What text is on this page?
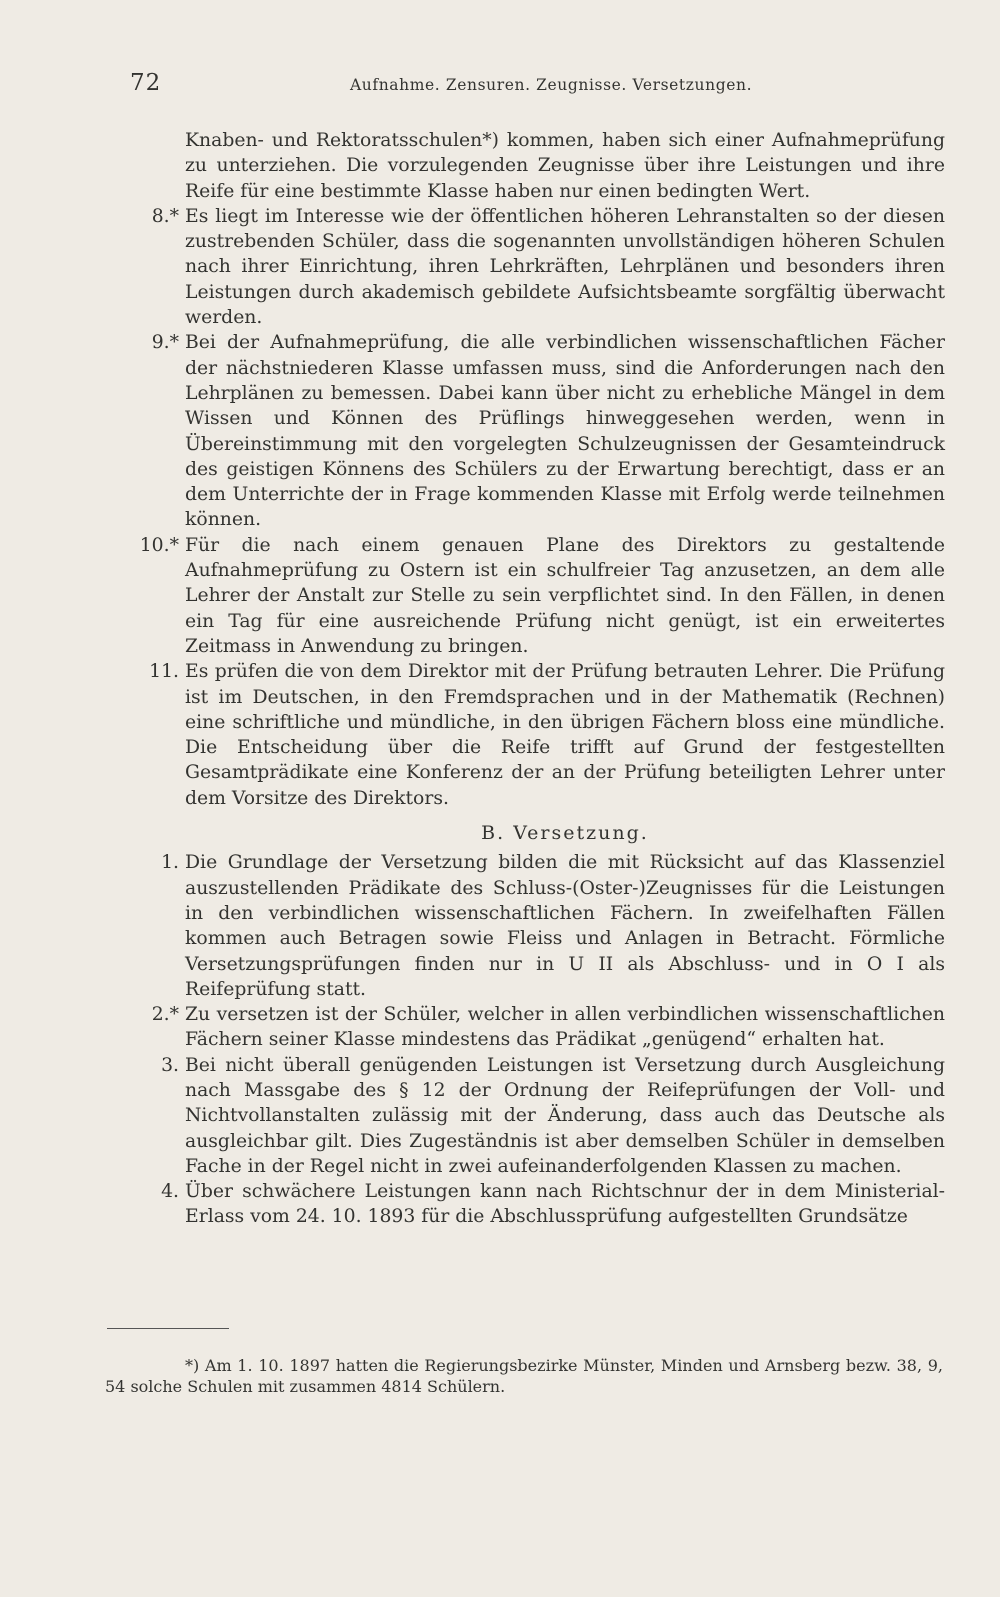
72	Aufnahme. Zensuren. Zeugnisse. Versetzungen.

Knaben- und Rektoratsschulen*) kommen, haben sich einer Aufnahmeprüfung zu unterziehen. Die vorzulegenden Zeugnisse über ihre Leistungen und ihre Reife für eine bestimmte Klasse haben nur einen bedingten Wert.

8.* Es liegt im Interesse wie der öffentlichen höheren Lehranstalten so der diesen zustrebenden Schüler, dass die sogenannten unvollständigen höheren Schulen nach ihrer Einrichtung, ihren Lehrkräften, Lehrplänen und besonders ihren Leistungen durch akademisch gebildete Aufsichtsbeamte sorgfältig überwacht werden.

9.* Bei der Aufnahmeprüfung, die alle verbindlichen wissenschaftlichen Fächer der nächstniederen Klasse umfassen muss, sind die Anforderungen nach den Lehrplänen zu bemessen. Dabei kann über nicht zu erhebliche Mängel in dem Wissen und Können des Prüflings hinweggesehen werden, wenn in Übereinstimmung mit den vorgelegten Schulzeugnissen der Gesamteindruck des geistigen Könnens des Schülers zu der Erwartung berechtigt, dass er an dem Unterrichte der in Frage kommenden Klasse mit Erfolg werde teilnehmen können.

10.* Für die nach einem genauen Plane des Direktors zu gestaltende Aufnahmeprüfung zu Ostern ist ein schulfreier Tag anzusetzen, an dem alle Lehrer der Anstalt zur Stelle zu sein verpflichtet sind. In den Fällen, in denen ein Tag für eine ausreichende Prüfung nicht genügt, ist ein erweitertes Zeitmass in Anwendung zu bringen.

11. Es prüfen die von dem Direktor mit der Prüfung betrauten Lehrer. Die Prüfung ist im Deutschen, in den Fremdsprachen und in der Mathematik (Rechnen) eine schriftliche und mündliche, in den übrigen Fächern bloss eine mündliche. Die Entscheidung über die Reife trifft auf Grund der festgestellten Gesamtprädikate eine Konferenz der an der Prüfung beteiligten Lehrer unter dem Vorsitze des Direktors.

B. Versetzung.

1. Die Grundlage der Versetzung bilden die mit Rücksicht auf das Klassenziel auszustellenden Prädikate des Schluss-(Oster-)Zeugnisses für die Leistungen in den verbindlichen wissenschaftlichen Fächern. In zweifelhaften Fällen kommen auch Betragen sowie Fleiss und Anlagen in Betracht. Förmliche Versetzungsprüfungen finden nur in U II als Abschluss- und in O I als Reifeprüfung statt.

2.* Zu versetzen ist der Schüler, welcher in allen verbindlichen wissenschaftlichen Fächern seiner Klasse mindestens das Prädikat „genügend“ erhalten hat.

3. Bei nicht überall genügenden Leistungen ist Versetzung durch Ausgleichung nach Massgabe des § 12 der Ordnung der Reifeprüfungen der Voll- und Nichtvollanstalten zulässig mit der Änderung, dass auch das Deutsche als ausgleichbar gilt. Dies Zugeständnis ist aber demselben Schüler in demselben Fache in der Regel nicht in zwei aufeinanderfolgenden Klassen zu machen.

4. Über schwächere Leistungen kann nach Richtschnur der in dem Ministerial-Erlass vom 24. 10. 1893 für die Abschlussprüfung aufgestellten Grundsätze

*) Am 1. 10. 1897 hatten die Regierungsbezirke Münster, Minden und Arnsberg bezw. 38, 9, 54 solche Schulen mit zusammen 4814 Schülern.
